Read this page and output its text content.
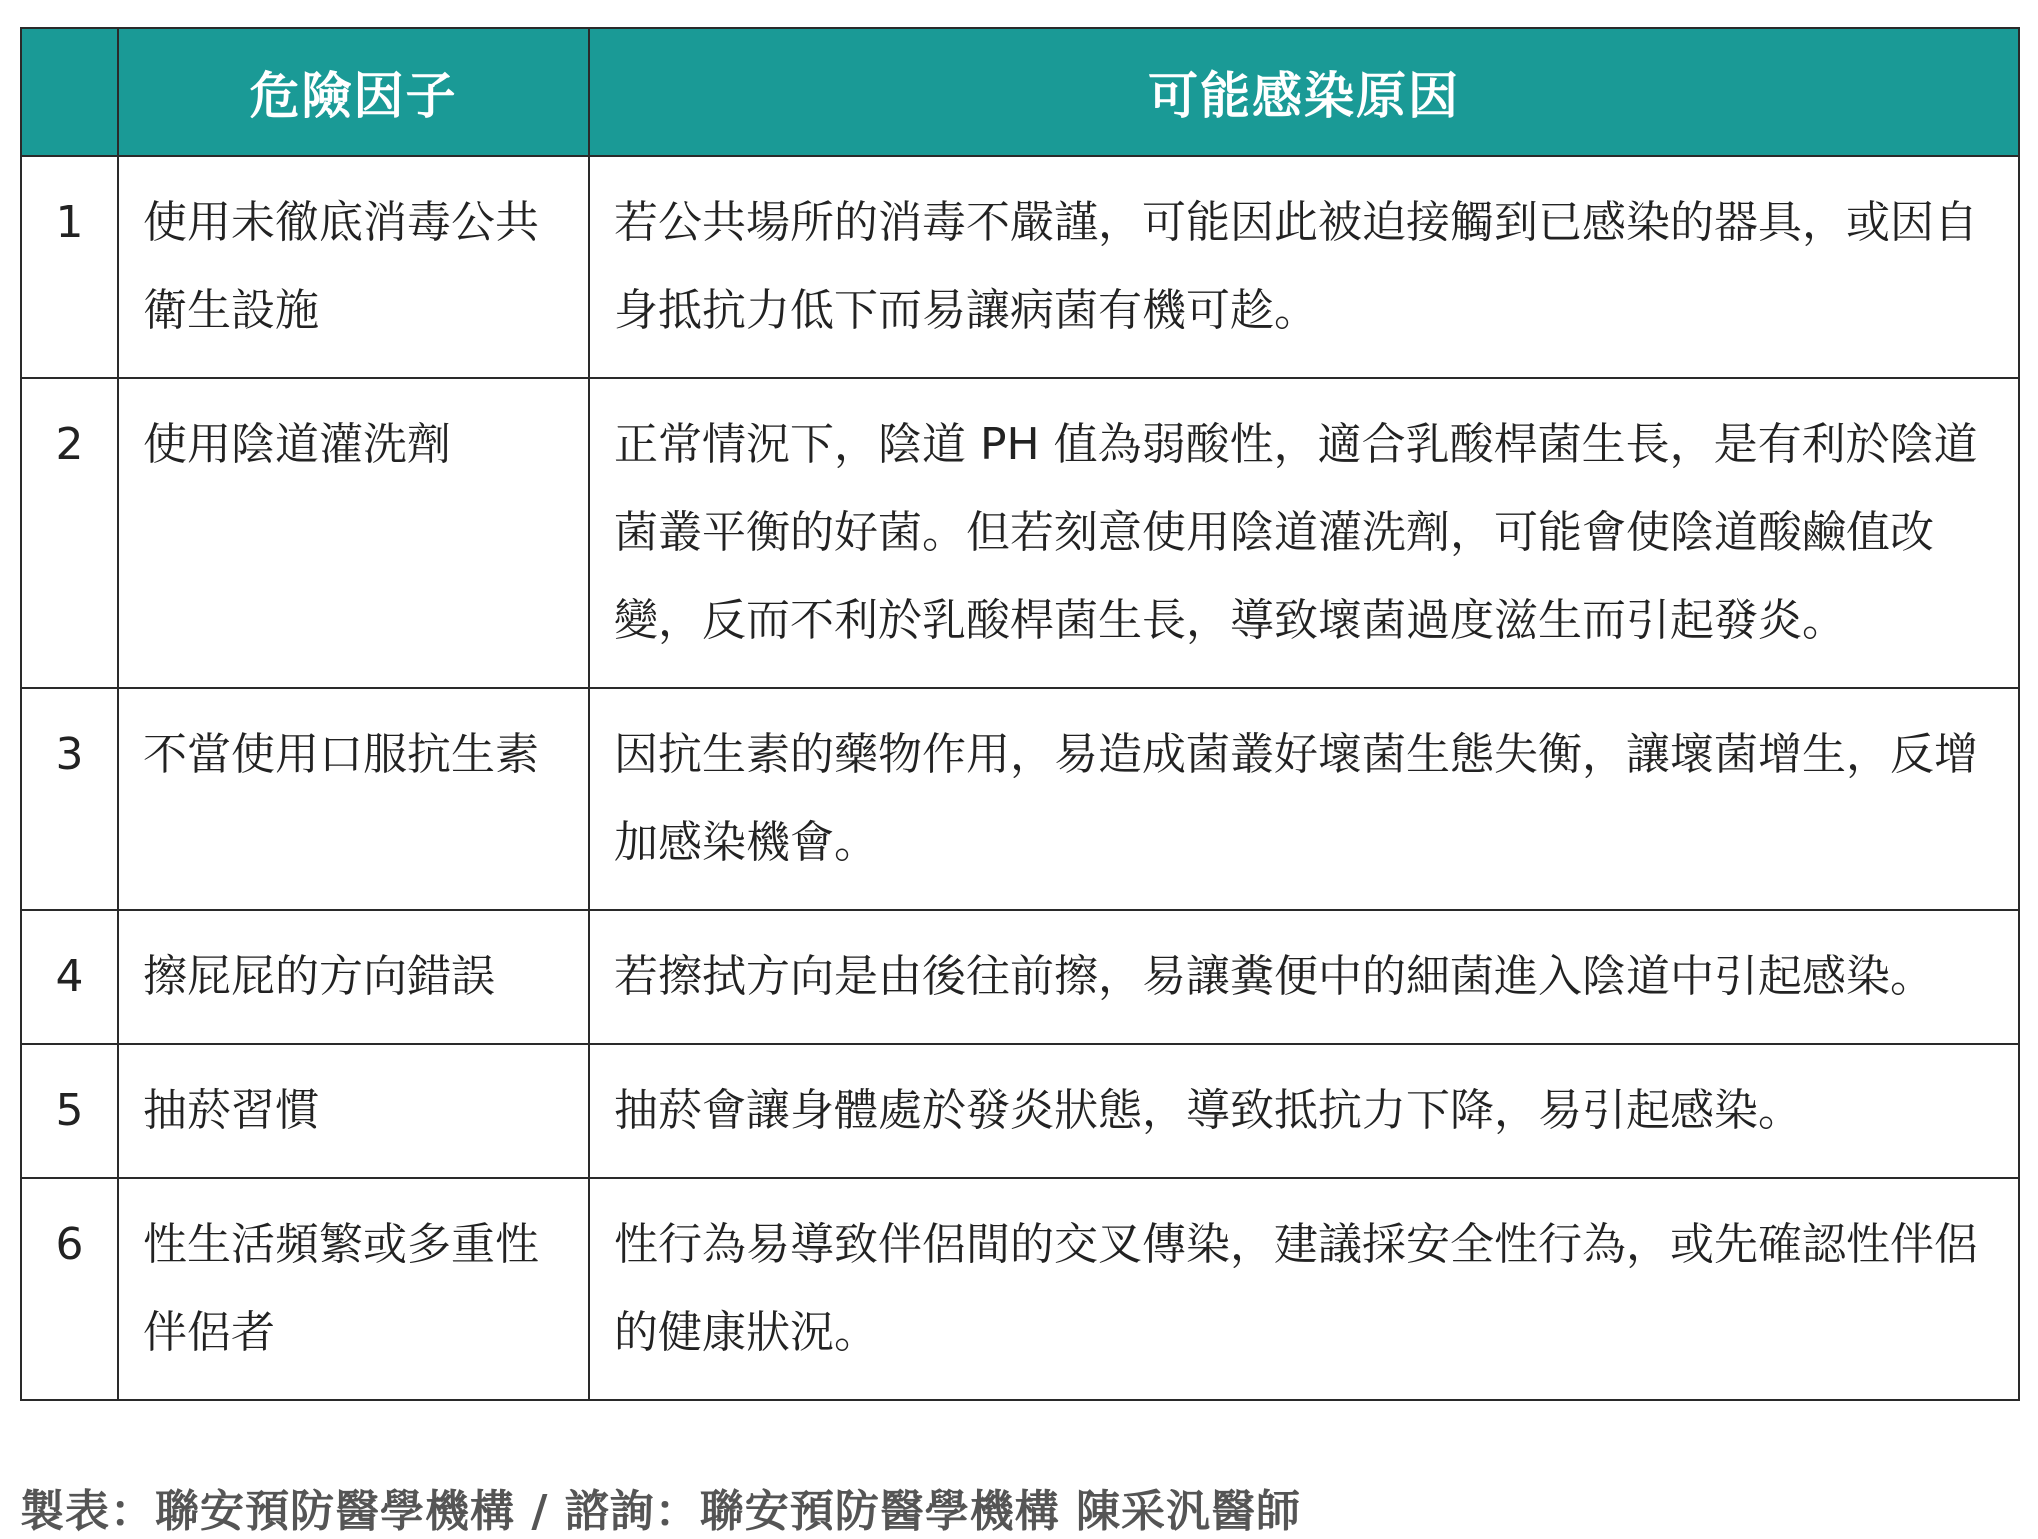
	危險因子	可能感染原因
1	使用未徹底消毒公共衛生設施	若公共場所的消毒不嚴謹，可能因此被迫接觸到已感染的器具，或因自身抵抗力低下而易讓病菌有機可趁。
2	使用陰道灌洗劑	正常情況下，陰道 PH 值為弱酸性，適合乳酸桿菌生長，是有利於陰道菌叢平衡的好菌。但若刻意使用陰道灌洗劑，可能會使陰道酸鹼值改變，反而不利於乳酸桿菌生長，導致壞菌過度滋生而引起發炎。
3	不當使用口服抗生素	因抗生素的藥物作用，易造成菌叢好壞菌生態失衡，讓壞菌增生，反增加感染機會。
4	擦屁屁的方向錯誤	若擦拭方向是由後往前擦，易讓糞便中的細菌進入陰道中引起感染。
5	抽菸習慣	抽菸會讓身體處於發炎狀態，導致抵抗力下降，易引起感染。
6	性生活頻繁或多重性伴侶者	性行為易導致伴侶間的交叉傳染，建議採安全性行為，或先確認性伴侶的健康狀況。
製表：聯安預防醫學機構 / 諮詢：聯安預防醫學機構 陳采汎醫師
